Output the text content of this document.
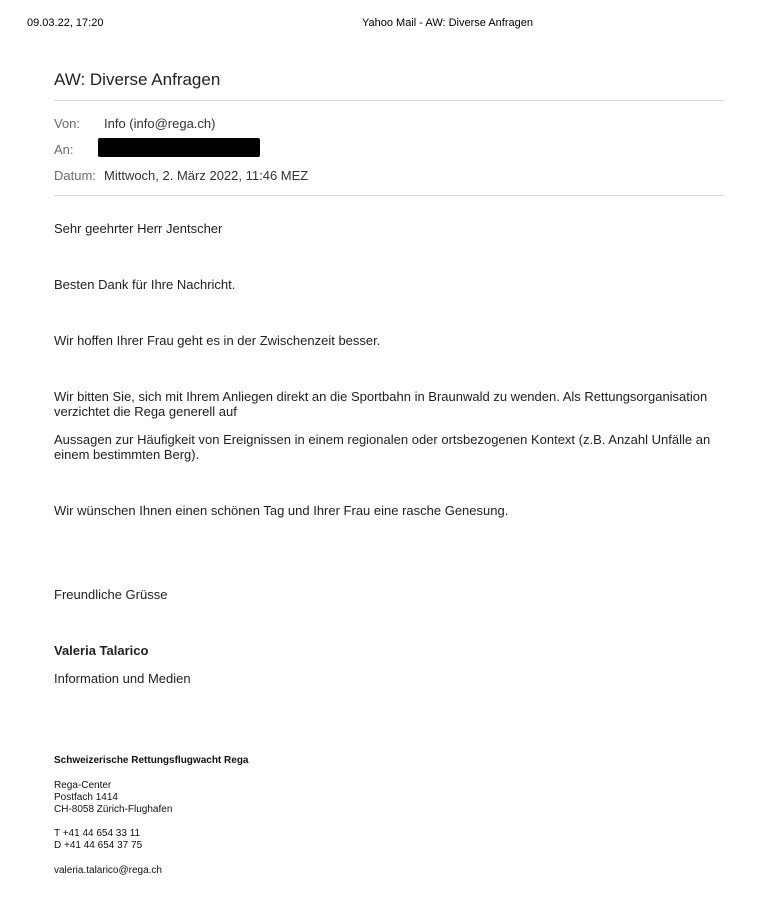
09.03.22, 17:20	Yahoo Mail - AW: Diverse Anfragen
AW: Diverse Anfragen
Von: Info (info@rega.ch)
An:
Datum: Mittwoch, 2. März 2022, 11:46 MEZ
Sehr geehrter Herr Jentscher
Besten Dank für Ihre Nachricht.
Wir hoffen Ihrer Frau geht es in der Zwischenzeit besser.
Wir bitten Sie, sich mit Ihrem Anliegen direkt an die Sportbahn in Braunwald zu wenden. Als Rettungsorganisation verzichtet die Rega generell auf
Aussagen zur Häufigkeit von Ereignissen in einem regionalen oder ortsbezogenen Kontext (z.B. Anzahl Unfälle an einem bestimmten Berg).
Wir wünschen Ihnen einen schönen Tag und Ihrer Frau eine rasche Genesung.
Freundliche Grüsse
Valeria Talarico
Information und Medien
Schweizerische Rettungsflugwacht Rega
Rega-Center
Postfach 1414
CH-8058 Zürich-Flughafen
T +41 44 654 33 11
D +41 44 654 37 75
valeria.talarico@rega.ch
